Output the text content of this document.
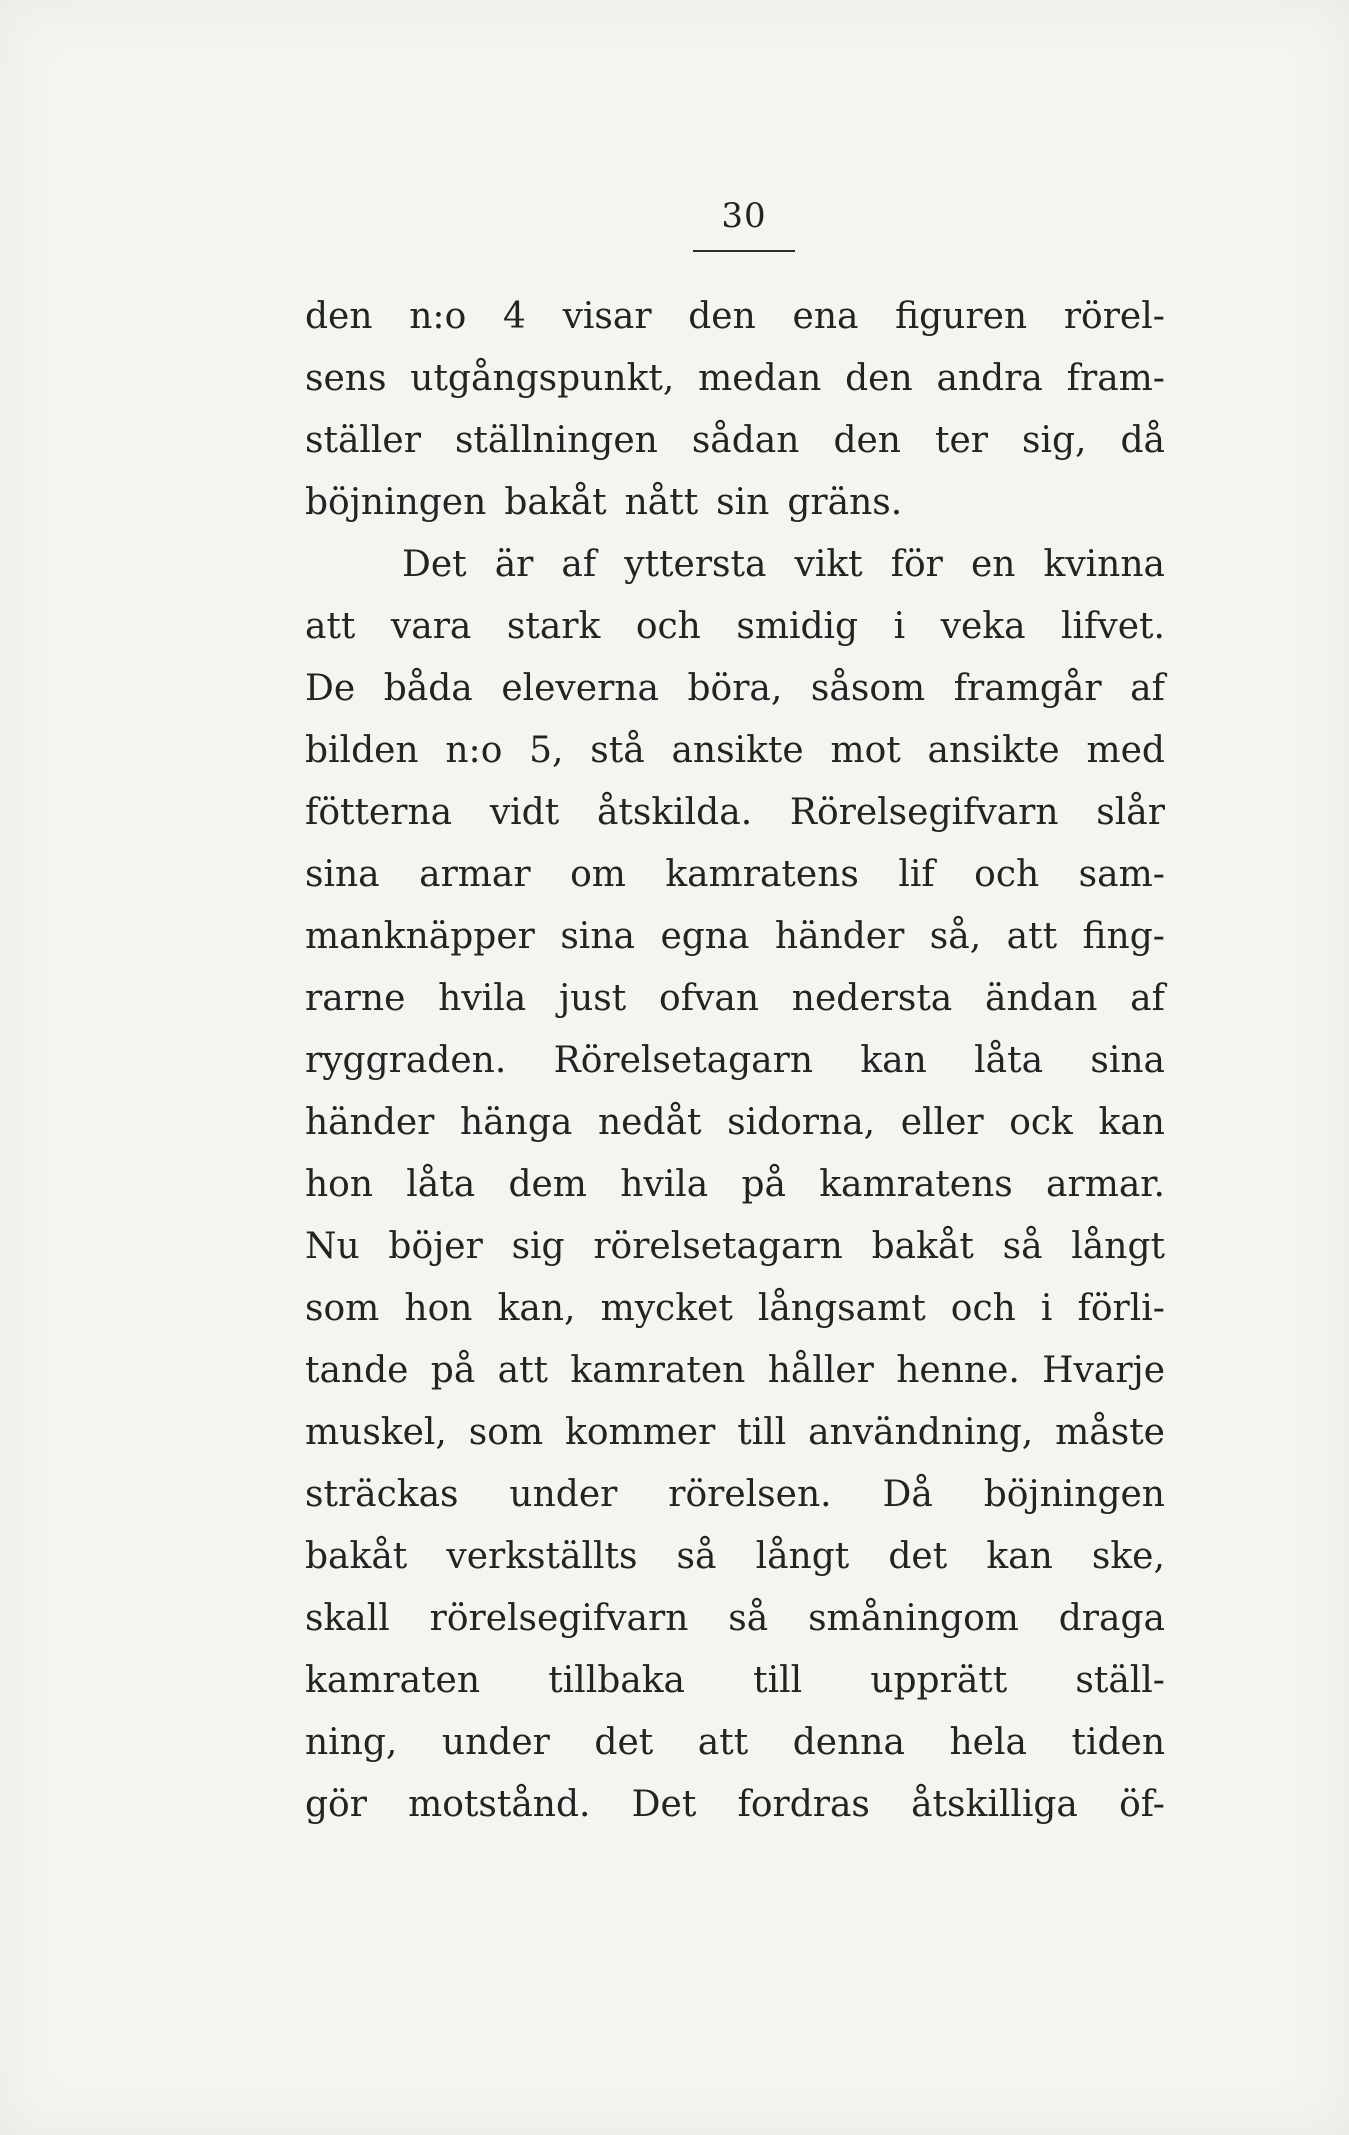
30
den n:o 4 visar den ena figuren rörel-
sens utgångspunkt, medan den andra fram-
ställer ställningen sådan den ter sig, då
böjningen bakåt nått sin gräns.
Det är af yttersta vikt för en kvinna
att vara stark och smidig i veka lifvet.
De båda eleverna böra, såsom framgår af
bilden n:o 5, stå ansikte mot ansikte med
fötterna vidt åtskilda. Rörelsegifvarn slår
sina armar om kamratens lif och sam-
manknäpper sina egna händer så, att fing-
rarne hvila just ofvan nedersta ändan af
ryggraden. Rörelsetagarn kan låta sina
händer hänga nedåt sidorna, eller ock kan
hon låta dem hvila på kamratens armar.
Nu böjer sig rörelsetagarn bakåt så långt
som hon kan, mycket långsamt och i förli-
tande på att kamraten håller henne. Hvarje
muskel, som kommer till användning, måste
sträckas under rörelsen. Då böjningen
bakåt verkställts så långt det kan ske,
skall rörelsegifvarn så småningom draga
kamraten tillbaka till upprätt ställ-
ning, under det att denna hela tiden
gör motstånd. Det fordras åtskilliga öf-
